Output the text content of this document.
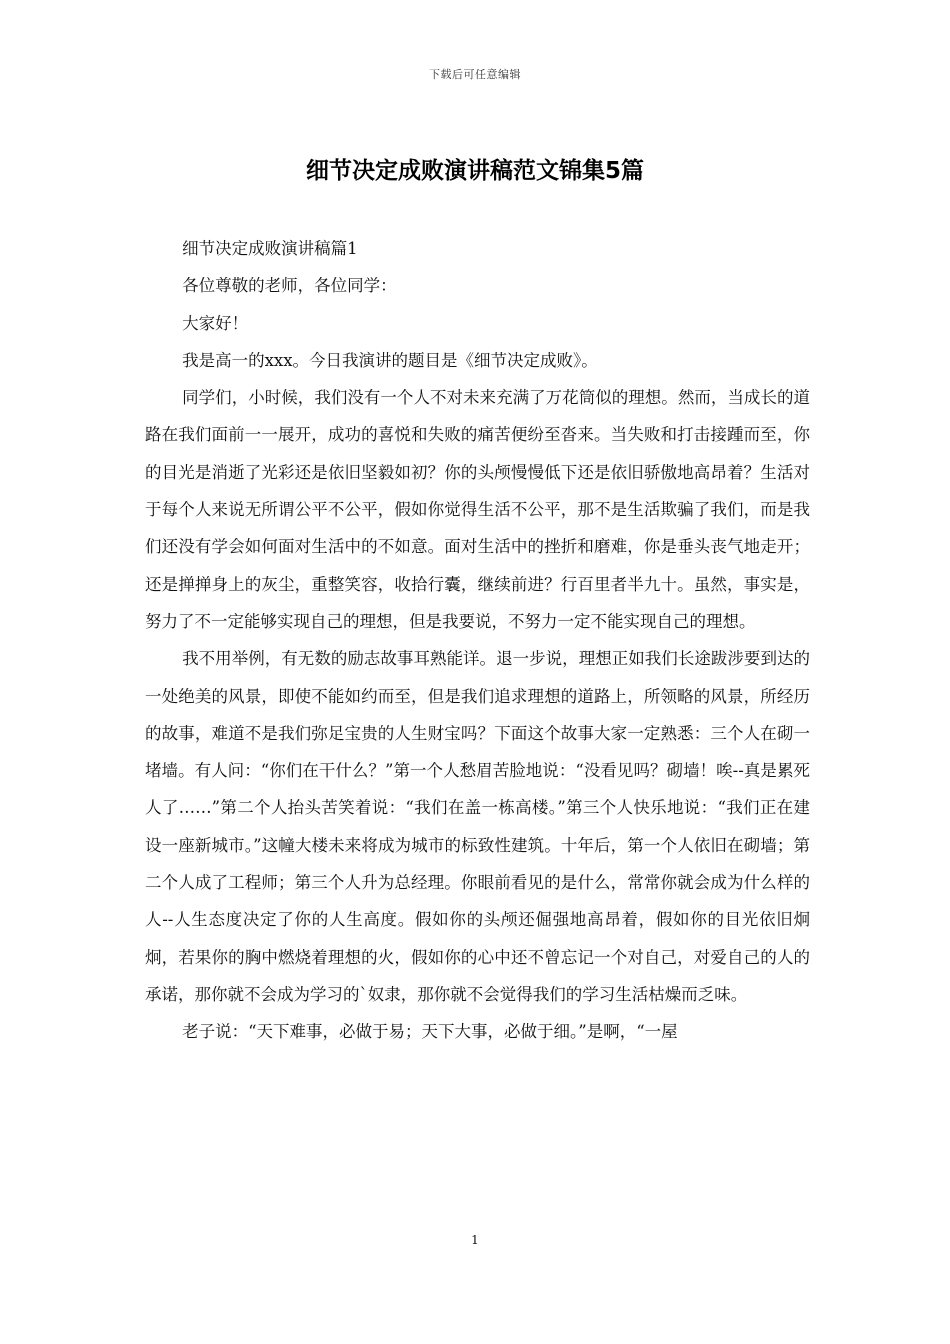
下载后可任意编辑
细节决定成败演讲稿范文锦集5篇

细节决定成败演讲稿篇1

各位尊敬的老师，各位同学：

大家好！

我是高一的xxx。今日我演讲的题目是《细节决定成败》。

同学们，小时候，我们没有一个人不对未来充满了万花筒似的理想。然而，当成长的道路在我们面前一一展开，成功的喜悦和失败的痛苦便纷至沓来。当失败和打击接踵而至，你的目光是消逝了光彩还是依旧坚毅如初？你的头颅慢慢低下还是依旧骄傲地高昂着？生活对于每个人来说无所谓公平不公平，假如你觉得生活不公平，那不是生活欺骗了我们，而是我们还没有学会如何面对生活中的不如意。面对生活中的挫折和磨难，你是垂头丧气地走开；还是掸掸身上的灰尘，重整笑容，收拾行囊，继续前进？行百里者半九十。虽然，事实是，努力了不一定能够实现自己的理想，但是我要说，不努力一定不能实现自己的理想。

我不用举例，有无数的励志故事耳熟能详。退一步说，理想正如我们长途跋涉要到达的一处绝美的风景，即使不能如约而至，但是我们追求理想的道路上，所领略的风景，所经历的故事，难道不是我们弥足宝贵的人生财宝吗？下面这个故事大家一定熟悉：三个人在砌一堵墙。有人问：“你们在干什么？”第一个人愁眉苦脸地说：“没看见吗？砌墙！唉--真是累死人了……”第二个人抬头苦笑着说：“我们在盖一栋高楼。”第三个人快乐地说：“我们正在建设一座新城市。”这幢大楼未来将成为城市的标致性建筑。十年后，第一个人依旧在砌墙；第二个人成了工程师；第三个人升为总经理。你眼前看见的是什么，常常你就会成为什么样的人--人生态度决定了你的人生高度。假如你的头颅还倔强地高昂着，假如你的目光依旧炯炯，若果你的胸中燃烧着理想的火，假如你的心中还不曾忘记一个对自己，对爱自己的人的承诺，那你就不会成为学习的`奴隶，那你就不会觉得我们的学习生活枯燥而乏味。

老子说：“天下难事，必做于易；天下大事，必做于细。”是啊，“一屋

1
